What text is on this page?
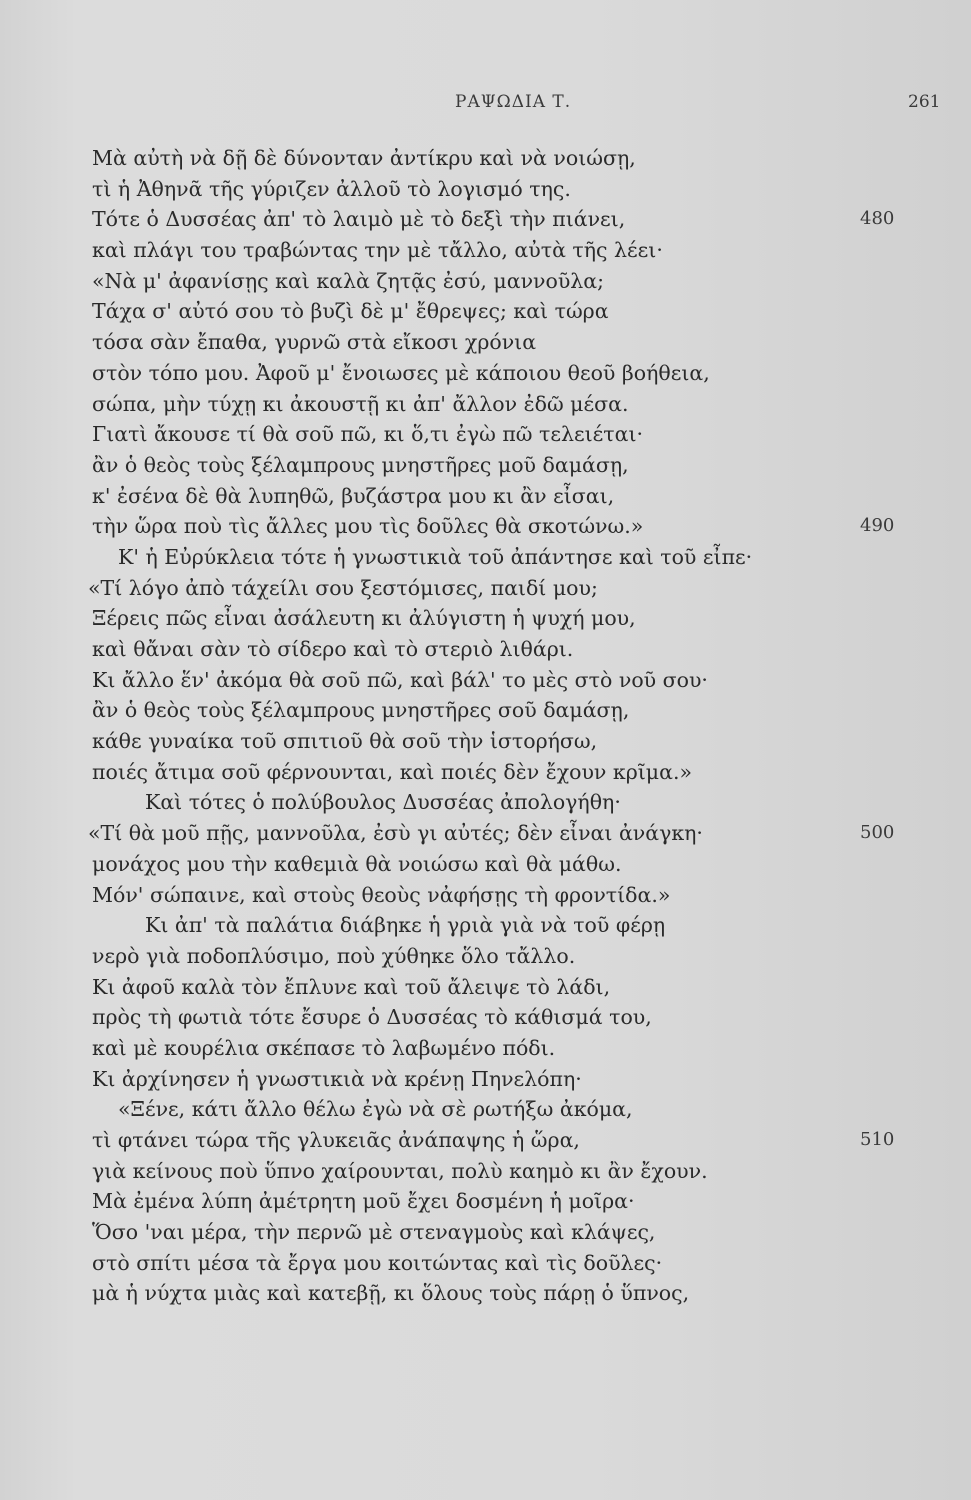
ΡΑΨΩΔΙΑ Τ.	261
Μὰ αὐτὴ νὰ δῇ δὲ δύνονταν ἀντίκρυ καὶ νὰ νοιώσῃ,
τὶ ἡ Ἀθηνᾶ τῆς γύριζεν ἀλλοῦ τὸ λογισμό της.
Τότε ὁ Δυσσέας ἀπ' τὸ λαιμὸ μὲ τὸ δεξὶ τὴν πιάνει,	480
καὶ πλάγι του τραβώντας την μὲ τἄλλο, αὐτὰ τῆς λέει·
«Νὰ μ' ἀφανίσῃς καὶ καλὰ ζητᾷς ἐσύ, μαννοῦλα;
Τάχα σ' αὐτό σου τὸ βυζὶ δὲ μ' ἔθρεψες; καὶ τώρα
τόσα σὰν ἔπαθα, γυρνῶ στὰ εἴκοσι χρόνια
στὸν τόπο μου. Ἀφοῦ μ' ἔνοιωσες μὲ κάποιου θεοῦ βοήθεια,
σώπα, μὴν τύχῃ κι ἀκουστῇ κι ἀπ' ἄλλον ἐδῶ μέσα.
Γιατὶ ἄκουσε τί θὰ σοῦ πῶ, κι ὅ,τι ἐγὼ πῶ τελειέται·
ἂν ὁ θεὸς τοὺς ξέλαμπρους μνηστῆρες μοῦ δαμάσῃ,
κ' ἐσένα δὲ θὰ λυπηθῶ, βυζάστρα μου κι ἂν εἶσαι,
τὴν ὥρα ποὺ τὶς ἄλλες μου τὶς δοῦλες θὰ σκοτώνω.»	490
Κ' ἡ Εὐρύκλεια τότε ἡ γνωστικιὰ τοῦ ἀπάντησε καὶ τοῦ εἶπε·
«Τί λόγο ἀπὸ τάχείλι σου ξεστόμισες, παιδί μου;
Ξέρεις πῶς εἶναι ἀσάλευτη κι ἀλύγιστη ἡ ψυχή μου,
καὶ θἄναι σὰν τὸ σίδερο καὶ τὸ στεριὸ λιθάρι.
Κι ἄλλο ἕν' ἀκόμα θὰ σοῦ πῶ, καὶ βάλ' το μὲς στὸ νοῦ σου·
ἂν ὁ θεὸς τοὺς ξέλαμπρους μνηστῆρες σοῦ δαμάσῃ,
κάθε γυναίκα τοῦ σπιτιοῦ θὰ σοῦ τὴν ἱστορήσω,
ποιές ἄτιμα σοῦ φέρνουνται, καὶ ποιές δὲν ἔχουν κρῖμα.»
Καὶ τότες ὁ πολύβουλος Δυσσέας ἀπολογήθη·
«Τί θὰ μοῦ πῇς, μαννοῦλα, ἐσὺ γι αὐτές; δὲν εἶναι ἀνάγκη·	500
μονάχος μου τὴν καθεμιὰ θὰ νοιώσω καὶ θὰ μάθω.
Μόν' σώπαινε, καὶ στοὺς θεοὺς νἀφήσῃς τὴ φροντίδα.»
Κι ἀπ' τὰ παλάτια διάβηκε ἡ γριὰ γιὰ νὰ τοῦ φέρῃ
νερὸ γιὰ ποδοπλύσιμο, ποὺ χύθηκε ὅλο τἄλλο.
Κι ἀφοῦ καλὰ τὸν ἔπλυνε καὶ τοῦ ἄλειψε τὸ λάδι,
πρὸς τὴ φωτιὰ τότε ἔσυρε ὁ Δυσσέας τὸ κάθισμά του,
καὶ μὲ κουρέλια σκέπασε τὸ λαβωμένο πόδι.
Κι ἀρχίνησεν ἡ γνωστικιὰ νὰ κρένῃ Πηνελόπη·
«Ξένε, κάτι ἄλλο θέλω ἐγὼ νὰ σὲ ρωτήξω ἀκόμα,
τὶ φτάνει τώρα τῆς γλυκειᾶς ἀνάπαψης ἡ ὥρα,	510
γιὰ κείνους ποὺ ὕπνο χαίρουνται, πολὺ καημὸ κι ἂν ἔχουν.
Μὰ ἐμένα λύπη ἀμέτρητη μοῦ ἔχει δοσμένη ἡ μοῖρα·
Ὅσο 'ναι μέρα, τὴν περνῶ μὲ στεναγμοὺς καὶ κλάψες,
στὸ σπίτι μέσα τὰ ἔργα μου κοιτώντας καὶ τὶς δοῦλες·
μὰ ἡ νύχτα μιὰς καὶ κατεβῇ, κι ὅλους τοὺς πάρῃ ὁ ὕπνος,
